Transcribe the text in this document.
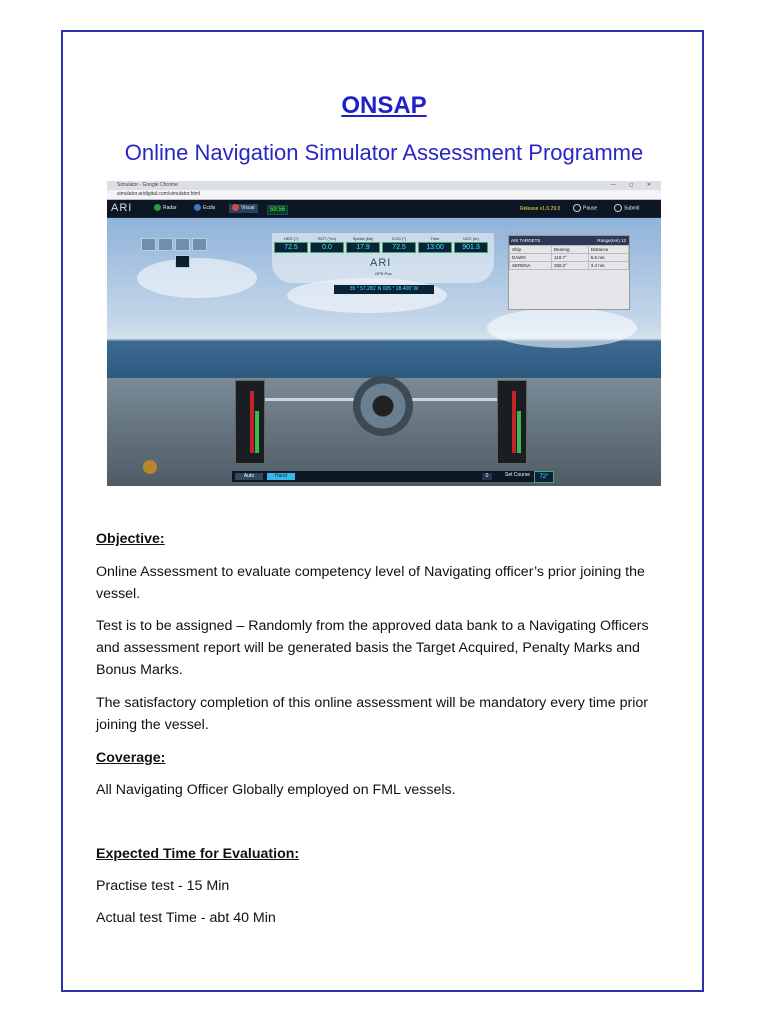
ONSAP
Online Navigation Simulator Assessment Programme
Simulator - Google Chrome	— ◻ ✕
simulator.aridigital.com/simulator.html
ARI	Radar	Ecdis	Visual	59:56	Release v1.0.29.0	Pause	Submit
HDG (°)
72.5
ROT (°/m)
0.0
Speed (kts)
17.9
COG (°)
72.5
Time
13:00
UKC (m)
901.3
ARI
GPS Pos
35 ° 57.281' N 005 ° 28.400' W
AIS TARGETS	Range(nm) 12
Ship	Bearing	Distance
DAWN	110.7°	6.5 nm
SERENA	258.2°	3.4 nm
Auto	Hand	0	Set Course	72°
Objective:
Online Assessment to evaluate competency level of Navigating officer’s prior joining the vessel.
Test is to be assigned – Randomly from the approved data bank to a Navigating Officers and assessment report will be generated basis the Target Acquired, Penalty Marks and Bonus Marks.
The satisfactory completion of this online assessment will be mandatory every time prior joining the vessel.
Coverage:
All Navigating Officer Globally employed on FML vessels.
Expected Time for Evaluation:
Practise test - 15 Min
Actual test Time - abt 40 Min
